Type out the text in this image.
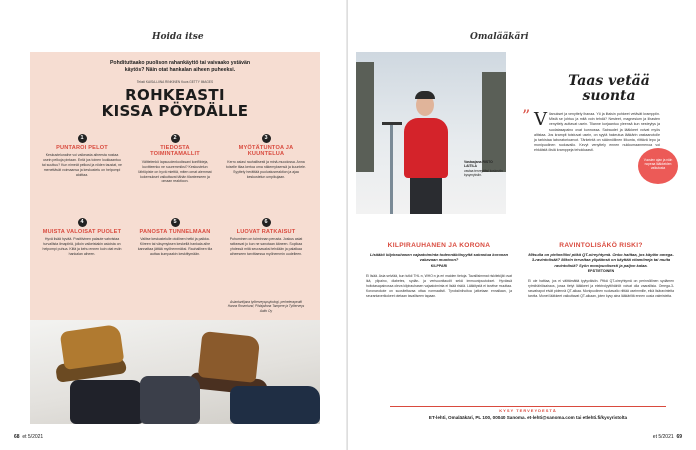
Hoida itse
Pohdituttaako puolison rahankäyttö tai vaivaako ystävän käytös? Näin otat hankalan aiheen puheeksi.
Teksti KAISA-LIINA RINKINEN Kuva GETTY IMAGES
ROHKEASTI
KISSA PÖYDÄLLE
1
PUNTAROI PELOT
Keskustelunaihe voi vaikeasta aiheesta nostaa usein pelkoja pintaan. Entä jos toinen loukkaantuu tai suuttuu? Kun nimeät pelkosi ja niiden taustat, ne menettävät voimaansa ja keskustelu on helpompi aloittaa.
2
TIEDOSTA TOIMINTAMALLIT
Välttelenkö lapsuudenkodissani konflikteja, kuvitteenko ne suuremmiksi? Keskustelun lähtöpiste on hyvä miettiä, miten omat aiemmat kokemukset vaikuttavat tähän tilanteeseen ja omaan reaktioon.
3
MYÖTÄTUNTOA JA KUUNTELUA
Kerro asiasi rauhallisesti ja minä-muodossa. Anna toiselle tilaa kertoa oma näkemyksensä ja kuuntele. Syyttely herättää puolustusreaktion ja ajaa keskustelun umpikujaan.
4
MUISTA VALOISAT PUOLET
Hyvä lisää hyvää. Positiivinen palaute vahvistaa turvallista ilmapiiriä, jolloin vaikeistakin asioista on helpompi puhua. Kiitä ja kehu ennen kuin otat esiin hankalan aiheen.
5
PANOSTA TUNNELMAAN
Valitse keskustelulle otollinen hetki ja paikka. Kiireen tai väsymyksen keskellä hankala aihe kannattaa jättää myöhemmäksi. Rauhallinen tila auttaa kumpaakin keskittymään.
6
LUOVAT RATKAISUT
Puhuminen on toiminnan perusta. Joskus asiat ratkeavat jo kun ne sanotaan ääneen. Sopikaa yhdessä mitä seuraavaksi tehdään ja palatkaa aiheeseen tarvittaessa myöhemmin uudelleen.
Asiantuntijana työterveyspsykologi, perheterapeutti Hanna Rosenlund, Pihlajalinna Tampere ja Työterveys Aalto Oy
68 et 5/2021
Omalääkäri
Vastaajana RISTO LAITILA
vastaa terveyttäsi koskeviin kysymyksiin.
Taas vetää
suonta
” V ilanukset ja venyttely ihanaa. Yö ja iltaisin pohkeet vetävät kramppiin. Mistä se johtuu ja mitä voin tehdä? Nesteet, magnesium ja lihasten venyttely auttavat usein. Tilanne korjaantuu yleensä kun nesteytys ja suolatasapaino ovat kunnossa. Sairaudet ja lääkkeet voivat myös altistaa. Jos krampit toistuvat usein, on syytä hakeutua lääkärin vastaanotolle ja tarkistaa laboratorioarvot. Tärkeintä on säännöllinen liikunta, riittävä lepo ja monipuolinen ruokavalio. Kevyt venyttely ennen nukkumaanmenoa voi ehkäistä öisiä kramppeja tehokkaasti.
Vuosien ajan ja näin nopeaa lääkkeiden vaikutusta
KILPIRAUHANEN JA KORONA
Lisääkö kilpirauhasen vajaatoiminta todennäköisyyttä sairastua koronan vakavaan muotoon?
KILPPARI
Ei lisää. Asia selviää, kun tutkii THL:n, WHO:n ja eri maiden tietoja. Tavallisimmat riskitekijät ovat ikä, ylipaino, diabetes, sydän- ja verisuonitaudit sekä immuunipuutokset. Hyvässä hoitotasapainossa oleva kilpirauhasen vajaatoiminta ei lisää riskiä. Lääkitystä ei tarvitse muuttaa. Koronarokote on suositeltavaa ottaa normaalisti. Tyroksiinihoitoa jatketaan ennallaan, ja seurantaverikokeet otetaan tavalliseen tapaan.
RAVINTOLISÄKÖ RISKI?
Mitsulla on pirtinelliini pitkä QT-oireyhtymä. Onko haittaa, jos käytän omega-3-ravintolisää? Mikrin tervaltaa ylipäänsä on käyttää vitamiineja tai muita ravintolisiä? Syön monipuolisesti ja paljon kalaa.
EPÄTIETOINEN
Ei ole haittaa, jos ei välttämättä tyytyväisiin. Pitkä QT-oireyhtymä on perinnöllinen sydämen rytmihäiriösairaus, jossa tietyt lääkkeet ja elektrolyyttihäiriöt voivat olla vaarallisia. Omega-3-rasvahapot eivät pidennä QT-aikaa. Monipuolinen ruokavalio riittää useimmille, eikä lisäravinteita tarvita. Monet lääkkeet vaikuttavat QT-aikaan, joten kysy aina lääkäriltä ennen uusia valmisteita.
KYSY TERVEYDESTÄ
ET-lehti, Omalääkäri, PL 100, 00040 Sanoma. et-lehti@sanoma.com tai etlehti.fi/kysyristolta
et 5/2021 69
